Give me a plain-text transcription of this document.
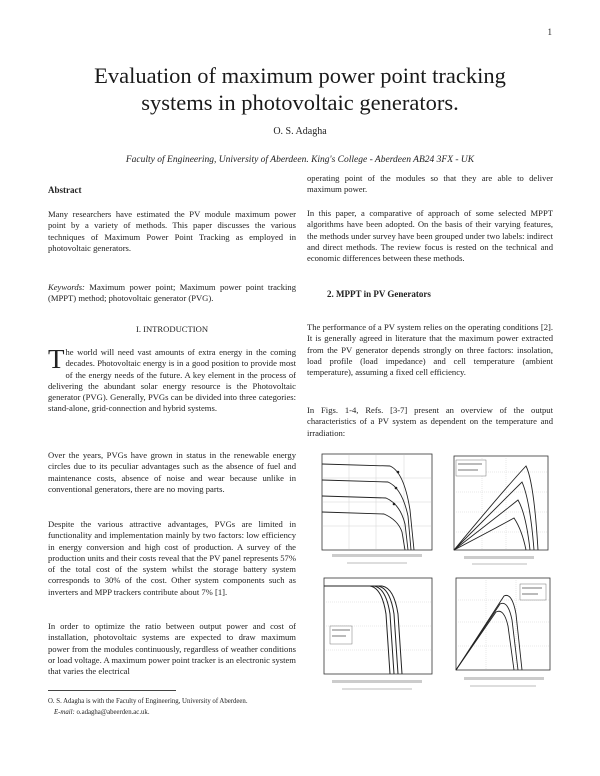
1
Evaluation of maximum power point tracking
systems in photovoltaic generators.
O. S. Adagha
Faculty of Engineering, University of Aberdeen. King's College - Aberdeen AB24 3FX - UK
Abstract

Many researchers have estimated the PV module maximum power point by a variety of methods. This paper discusses the various techniques of Maximum Power Point Tracking as employed in photovoltaic generators.

Keywords: Maximum power point; Maximum power point tracking (MPPT) method; photovoltaic generator (PVG).

I. INTRODUCTION

The world will need vast amounts of extra energy in the coming decades. Photovoltaic energy is in a good position to provide most of the energy needs of the future. A key element in the process of delivering the abundant solar energy resource is the Photovoltaic generator (PVG). Generally, PVGs can be divided into three categories: stand-alone, grid-connection and hybrid systems.

Over the years, PVGs have grown in status in the renewable energy circles due to its peculiar advantages such as the absence of fuel and maintenance costs, absence of noise and wear because unlike in conventional generators, there are no moving parts.

Despite the various attractive advantages, PVGs are limited in functionality and implementation mainly by two factors: low efficiency in energy conversion and high cost of production. A survey of the production units and their costs reveal that the PV panel represents 57% of the total cost of the system whilst the storage battery system corresponds to 30% of the cost. Other system components such as inverters and MPP trackers contribute about 7% [1].

In order to optimize the ratio between output power and cost of installation, photovoltaic systems are expected to draw maximum power from the modules continuously, regardless of weather conditions or load voltage. A maximum power point tracker is an electronic system that varies the electrical

operating point of the modules so that they are able to deliver maximum power.

In this paper, a comparative of approach of some selected MPPT algorithms have been adopted. On the basis of their varying features, the methods under survey have been grouped under two labels: indirect and direct methods. The review focus is rested on the technical and economic differences between these methods.

2. MPPT in PV Generators

The performance of a PV system relies on the operating conditions [2]. It is generally agreed in literature that the maximum power extracted from the PV generator depends strongly on three factors: insolation, load profile (load impedance) and cell temperature (ambient temperature), assuming a fixed cell efficiency.

In Figs. 1-4, Refs. [3-7] present an overview of the output characteristics of a PV system as dependent on the temperature and irradiation:

O. S. Adagha is with the Faculty of Engineering, University of Aberdeen.
E-mail: o.adagha@abeerden.ac.uk.
